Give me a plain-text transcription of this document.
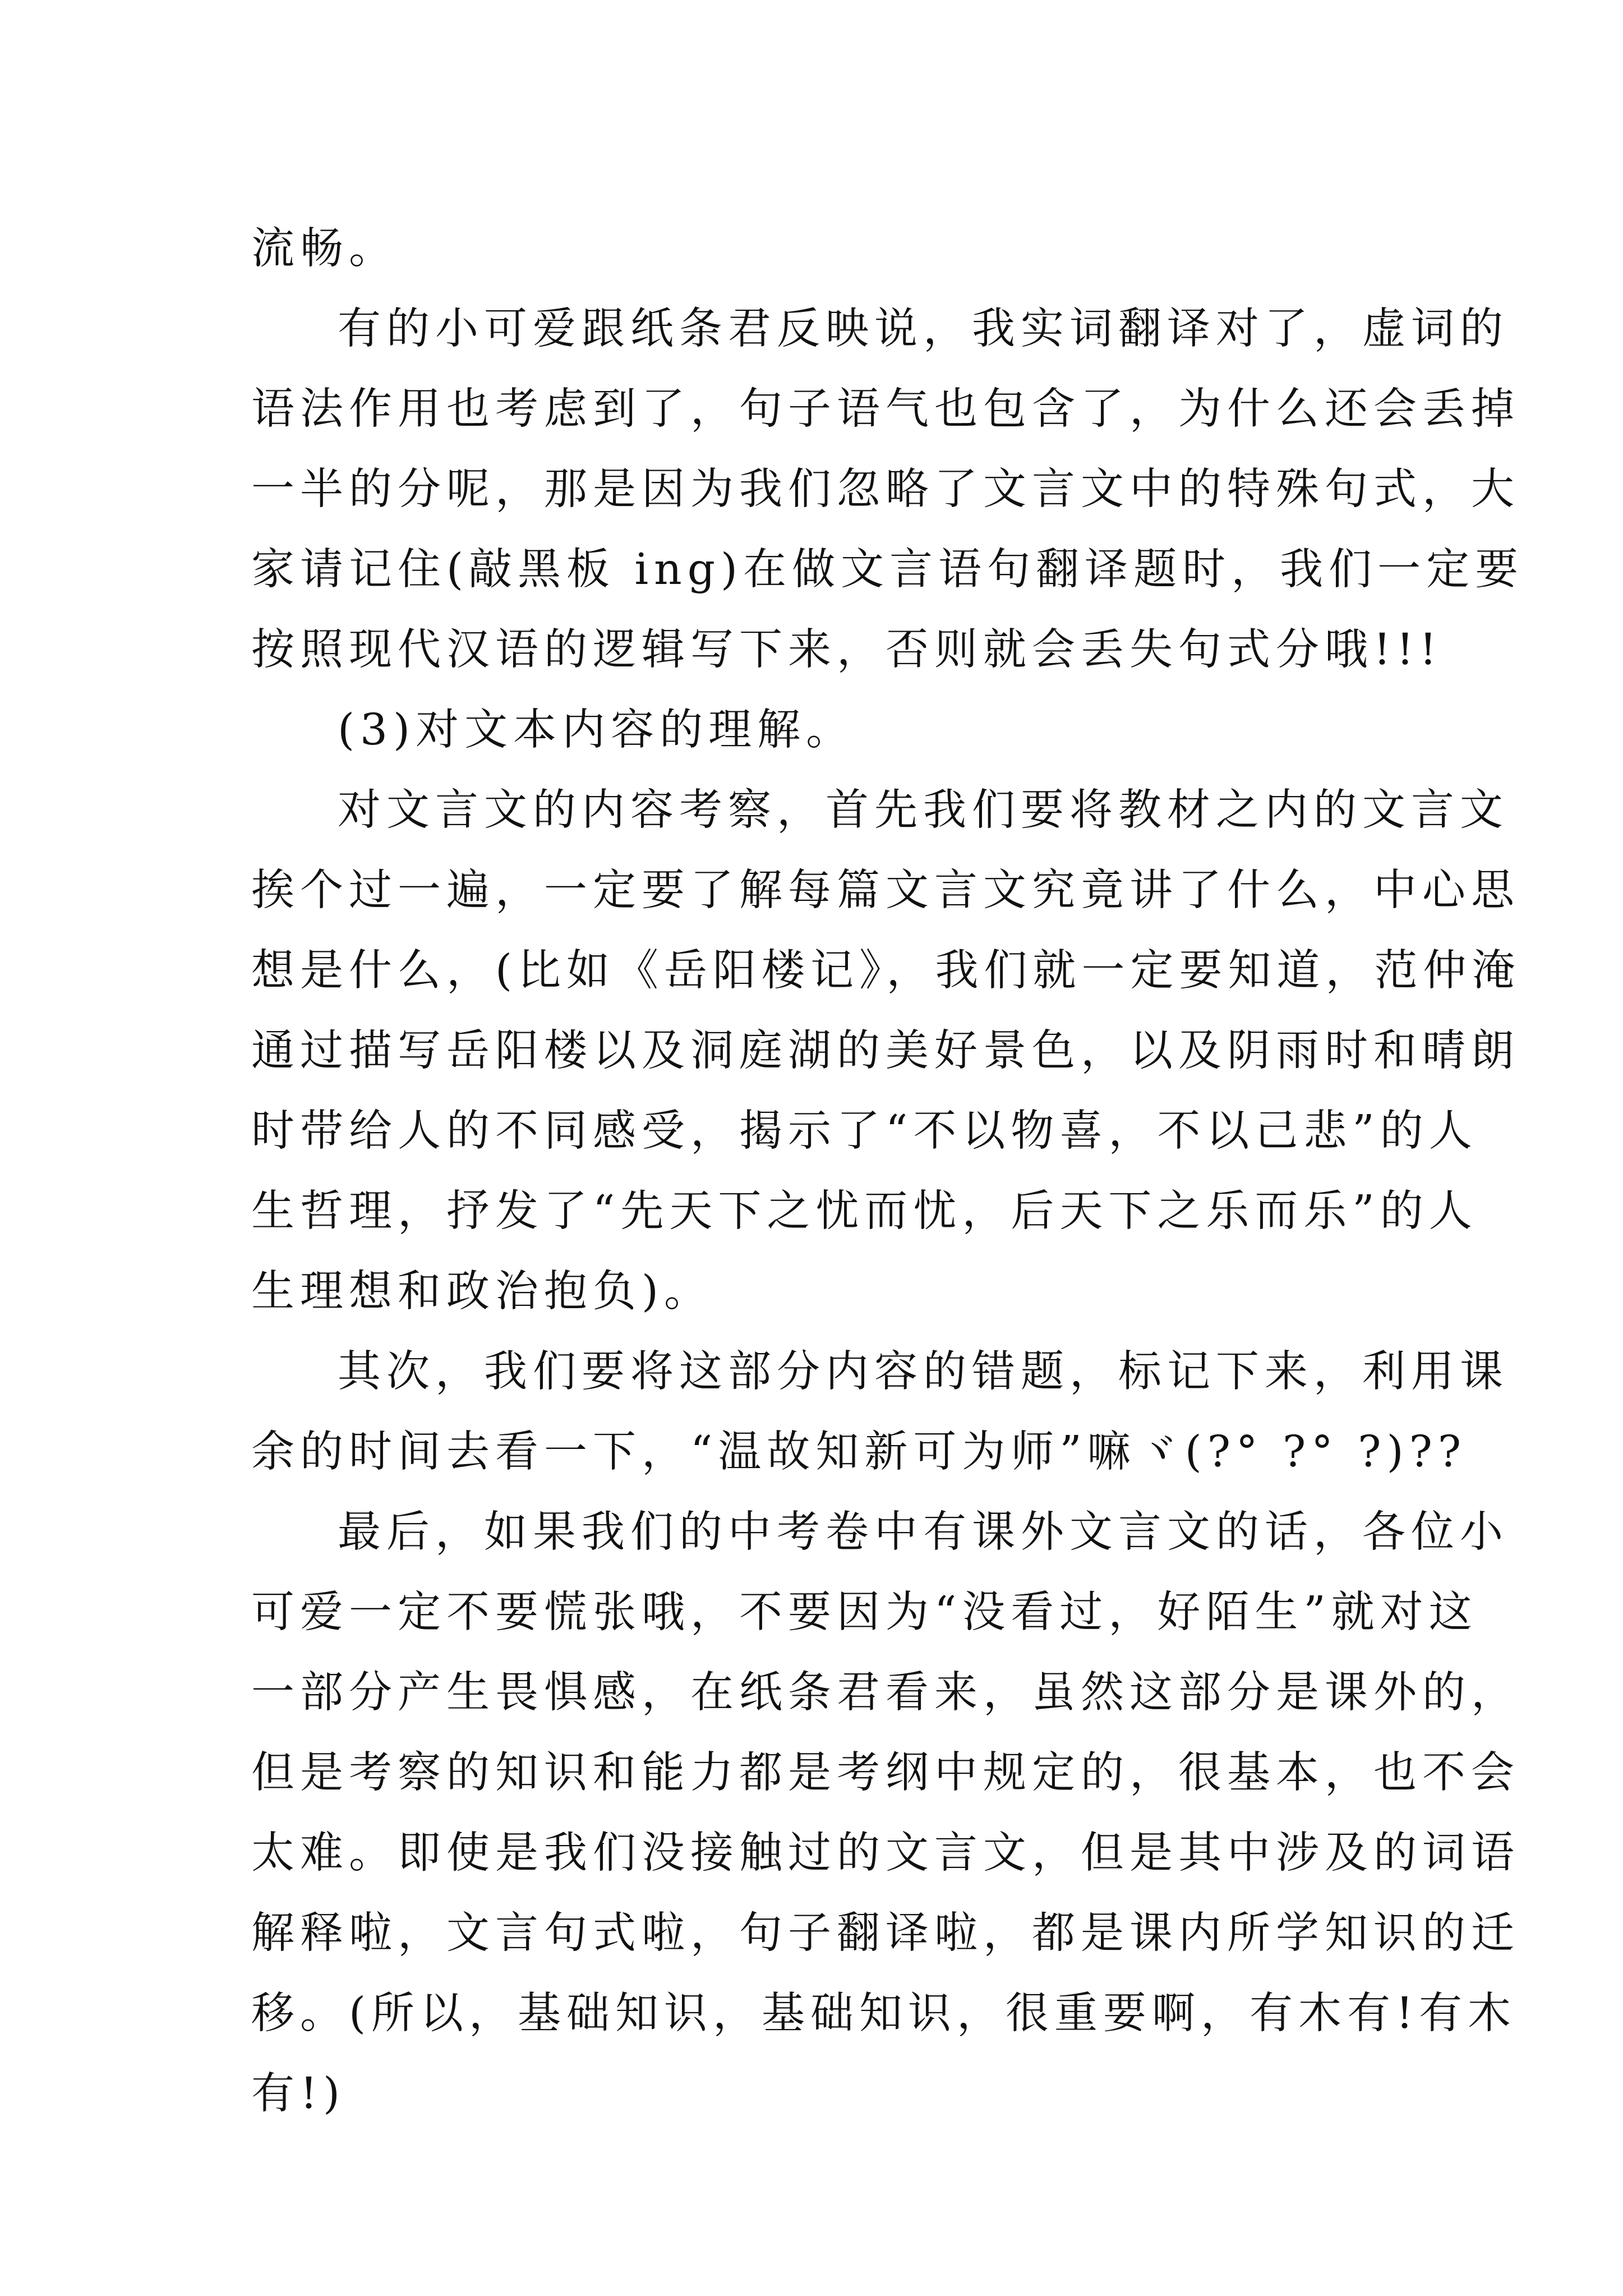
流畅。
有的小可爱跟纸条君反映说，我实词翻译对了，虚词的
语法作用也考虑到了，句子语气也包含了，为什么还会丢掉
一半的分呢，那是因为我们忽略了文言文中的特殊句式，大
家请记住(敲黑板 ing)在做文言语句翻译题时，我们一定要
按照现代汉语的逻辑写下来，否则就会丢失句式分哦!!!
(3)对文本内容的理解。
对文言文的内容考察，首先我们要将教材之内的文言文
挨个过一遍，一定要了解每篇文言文究竟讲了什么，中心思
想是什么，(比如《岳阳楼记》，我们就一定要知道，范仲淹
通过描写岳阳楼以及洞庭湖的美好景色，以及阴雨时和晴朗
时带给人的不同感受，揭示了“不以物喜，不以己悲”的人
生哲理，抒发了“先天下之忧而忧，后天下之乐而乐”的人
生理想和政治抱负)。
其次，我们要将这部分内容的错题，标记下来，利用课
余的时间去看一下，“温故知新可为师”嘛ヾ(?° ?° ?)??
最后，如果我们的中考卷中有课外文言文的话，各位小
可爱一定不要慌张哦，不要因为“没看过，好陌生”就对这
一部分产生畏惧感，在纸条君看来，虽然这部分是课外的，
但是考察的知识和能力都是考纲中规定的，很基本，也不会
太难。即使是我们没接触过的文言文，但是其中涉及的词语
解释啦，文言句式啦，句子翻译啦，都是课内所学知识的迁
移。(所以，基础知识，基础知识，很重要啊，有木有!有木
有!)
